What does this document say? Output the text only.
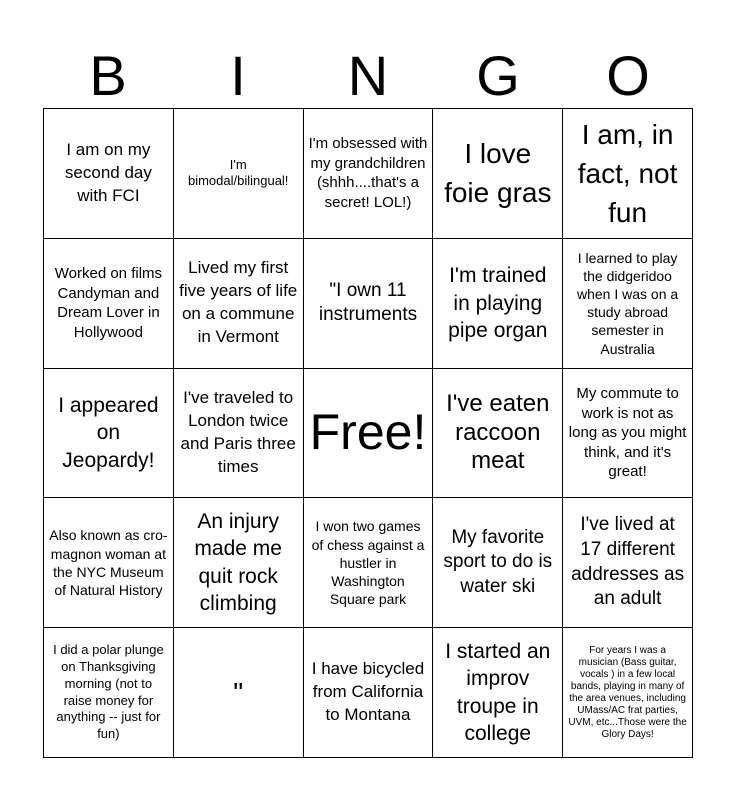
B	I	N	G	O
I am on my second day with FCI
I'm bimodal/bilingual!
I'm obsessed with my grandchildren (shhh....that's a secret! LOL!)
I love foie gras
I am, in fact, not fun
Worked on films Candyman and Dream Lover in Hollywood
Lived my first five years of life on a commune in Vermont
"I own 11 instruments
I'm trained in playing pipe organ
I learned to play the didgeridoo when I was on a study abroad semester in Australia
I appeared on Jeopardy!
I've traveled to London twice and Paris three times
Free!
I've eaten raccoon meat
My commute to work is not as long as you might think, and it's great!
Also known as cro-magnon woman at the NYC Museum of Natural History
An injury made me quit rock climbing
I won two games of chess against a hustler in Washington Square park
My favorite sport to do is water ski
I've lived at 17 different addresses as an adult
I did a polar plunge on Thanksgiving morning (not to raise money for anything -- just for fun)
"
I have bicycled from California to Montana
I started an improv troupe in college
For years I was a musician (Bass guitar, vocals ) in a few local bands, playing in many of the area venues, including UMass/AC frat parties, UVM, etc...Those were the Glory Days!
